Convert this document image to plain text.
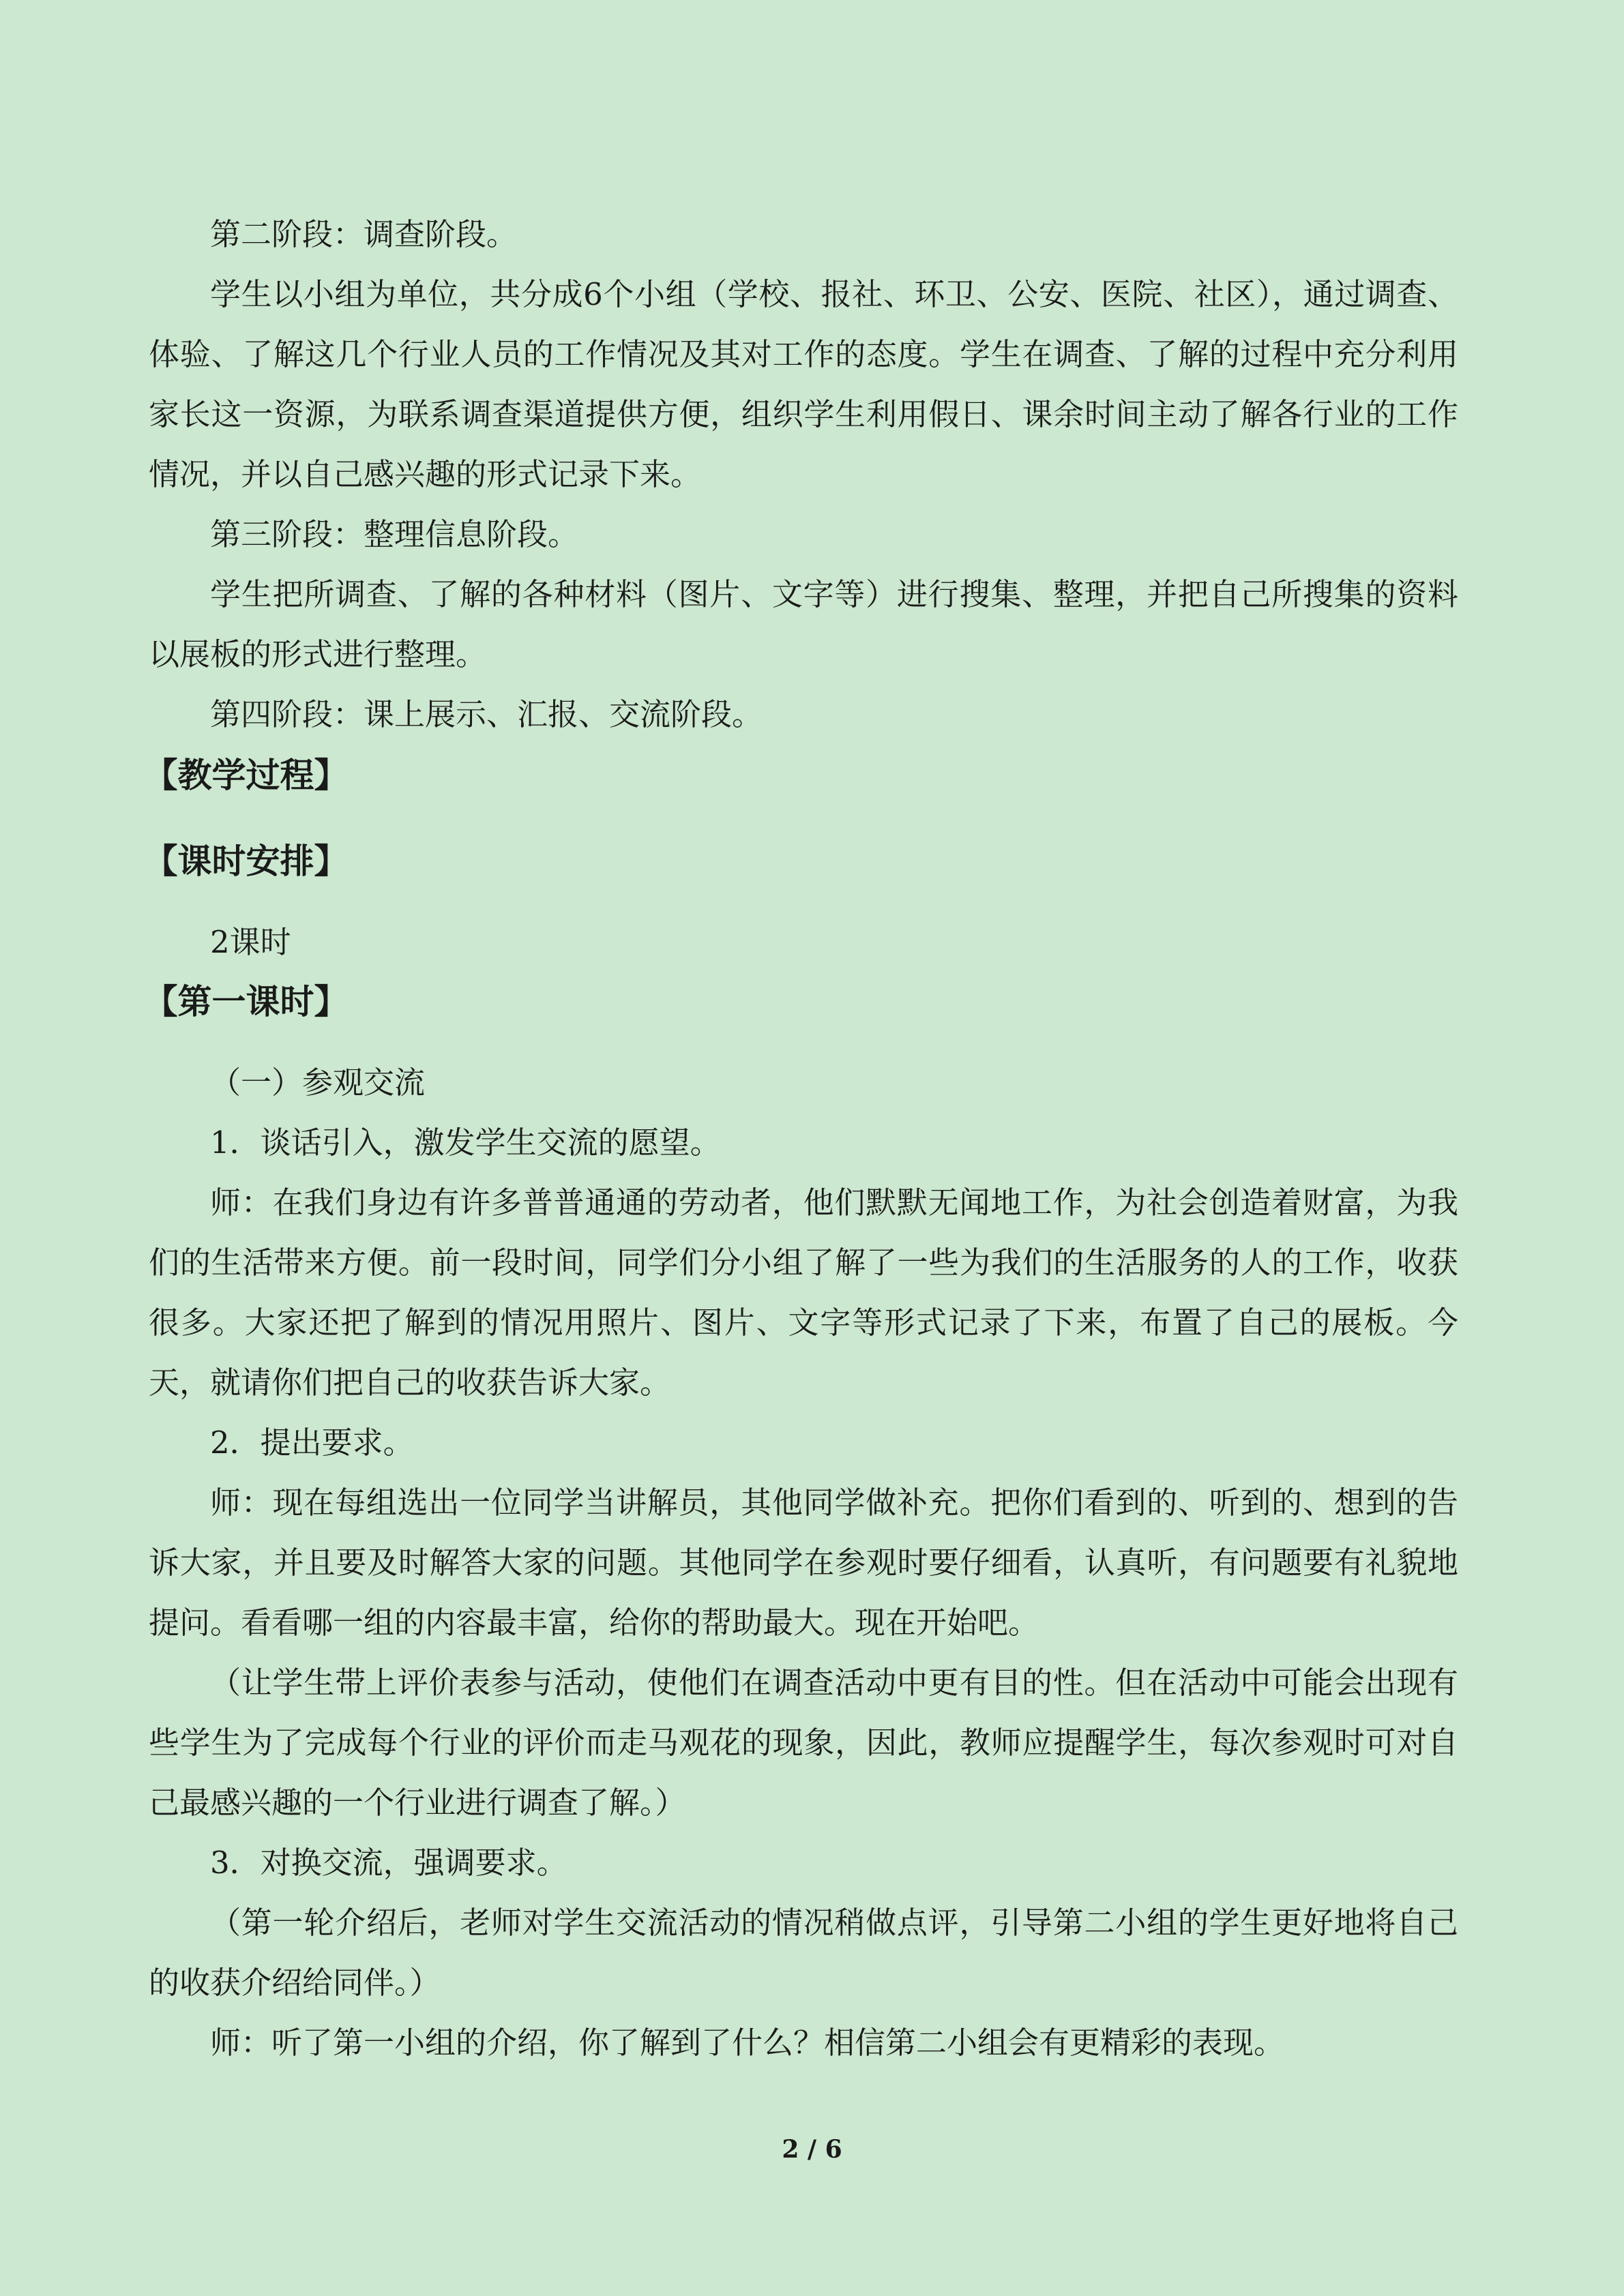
第二阶段：调查阶段。

学生以小组为单位，共分成6个小组（学校、报社、环卫、公安、医院、社区），通过调查、体验、了解这几个行业人员的工作情况及其对工作的态度。学生在调查、了解的过程中充分利用家长这一资源，为联系调查渠道提供方便，组织学生利用假日、课余时间主动了解各行业的工作情况，并以自己感兴趣的形式记录下来。

第三阶段：整理信息阶段。

学生把所调查、了解的各种材料（图片、文字等）进行搜集、整理，并把自己所搜集的资料以展板的形式进行整理。

第四阶段：课上展示、汇报、交流阶段。

【教学过程】
【课时安排】

2课时

【第一课时】

（一）参观交流

1．谈话引入，激发学生交流的愿望。

师：在我们身边有许多普普通通的劳动者，他们默默无闻地工作，为社会创造着财富，为我们的生活带来方便。前一段时间，同学们分小组了解了一些为我们的生活服务的人的工作，收获很多。大家还把了解到的情况用照片、图片、文字等形式记录了下来，布置了自己的展板。今天，就请你们把自己的收获告诉大家。

2．提出要求。

师：现在每组选出一位同学当讲解员，其他同学做补充。把你们看到的、听到的、想到的告诉大家，并且要及时解答大家的问题。其他同学在参观时要仔细看，认真听，有问题要有礼貌地提问。看看哪一组的内容最丰富，给你的帮助最大。现在开始吧。

（让学生带上评价表参与活动，使他们在调查活动中更有目的性。但在活动中可能会出现有些学生为了完成每个行业的评价而走马观花的现象，因此，教师应提醒学生，每次参观时可对自己最感兴趣的一个行业进行调查了解。）

3．对换交流，强调要求。

（第一轮介绍后，老师对学生交流活动的情况稍做点评，引导第二小组的学生更好地将自己的收获介绍给同伴。）

师：听了第一小组的介绍，你了解到了什么？相信第二小组会有更精彩的表现。

2 / 6
